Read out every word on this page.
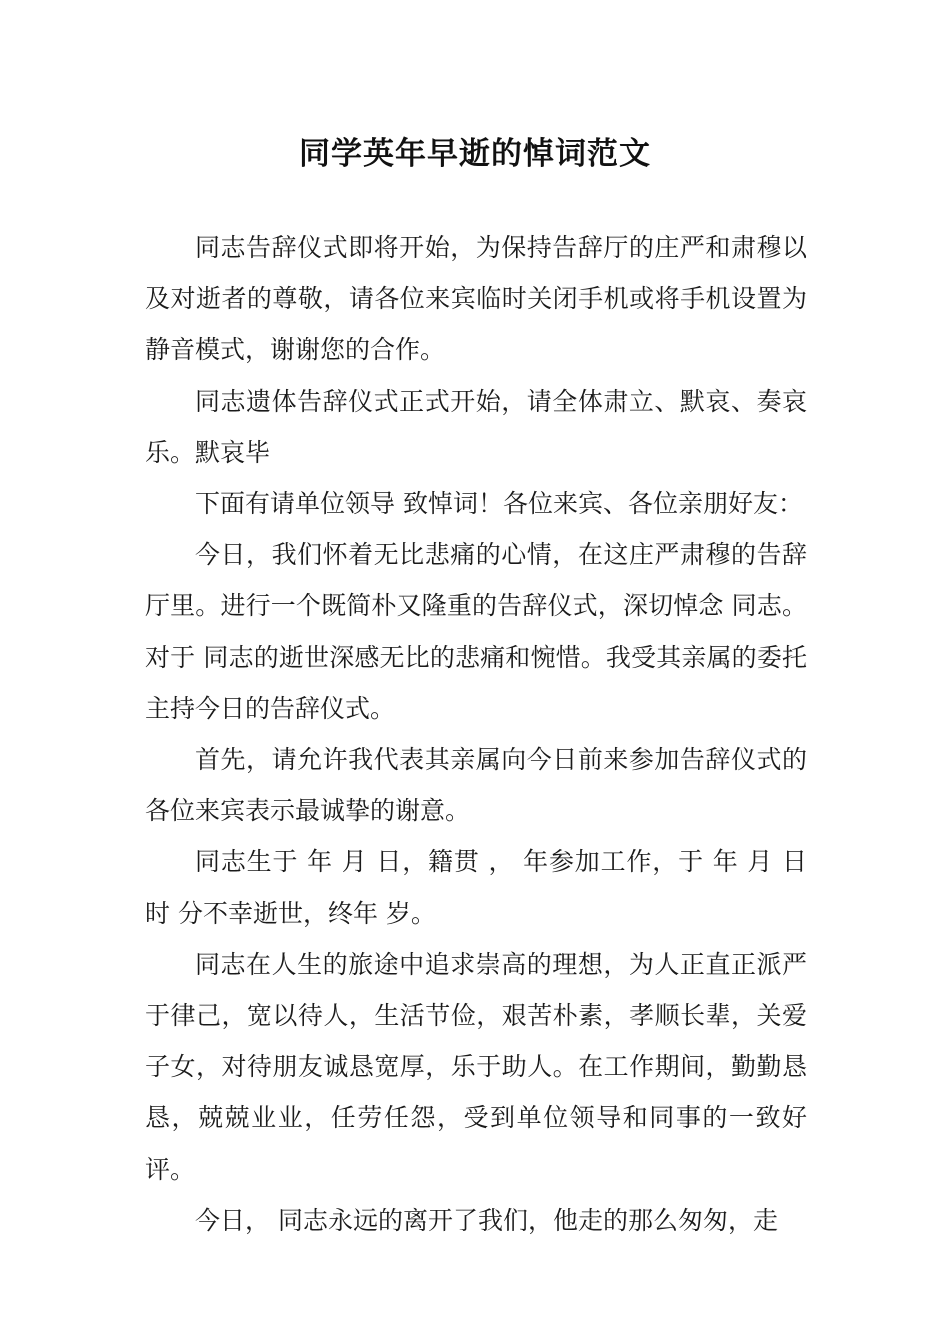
同学英年早逝的悼词范文

同志告辞仪式即将开始，为保持告辞厅的庄严和肃穆以及对逝者的尊敬，请各位来宾临时关闭手机或将手机设置为静音模式，谢谢您的合作。

同志遗体告辞仪式正式开始，请全体肃立、默哀、奏哀乐。默哀毕

下面有请单位领导 致悼词！各位来宾、各位亲朋好友：

今日，我们怀着无比悲痛的心情，在这庄严肃穆的告辞厅里。进行一个既简朴又隆重的告辞仪式，深切悼念 同志。对于 同志的逝世深感无比的悲痛和惋惜。我受其亲属的委托主持今日的告辞仪式。

首先，请允许我代表其亲属向今日前来参加告辞仪式的各位来宾表示最诚挚的谢意。

同志生于 年 月 日，籍贯 ， 年参加工作，于 年 月 日 时 分不幸逝世，终年 岁。

同志在人生的旅途中追求崇高的理想，为人正直正派严于律己，宽以待人，生活节俭，艰苦朴素，孝顺长辈，关爱子女，对待朋友诚恳宽厚，乐于助人。在工作期间，勤勤恳恳，兢兢业业，任劳任怨，受到单位领导和同事的一致好评。

今日， 同志永远的离开了我们，他走的那么匆匆，走
